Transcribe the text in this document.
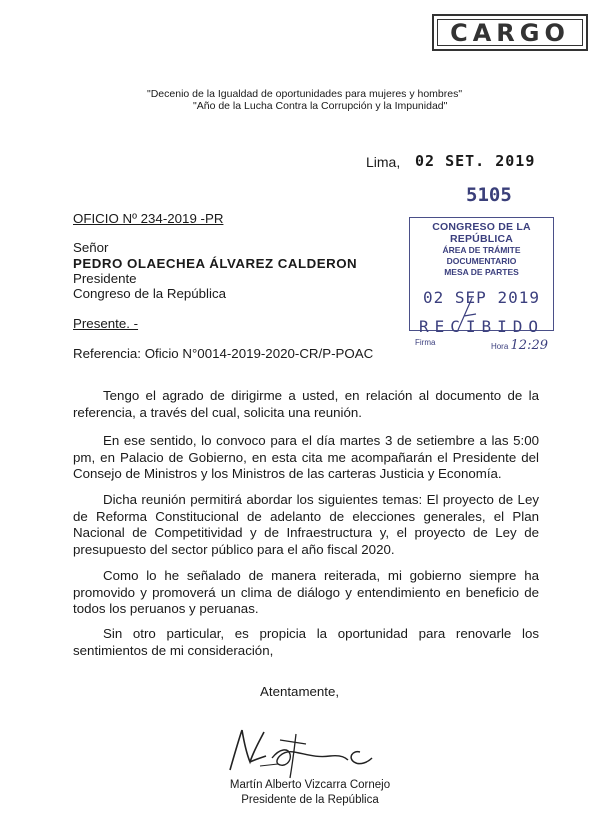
CARGO
"Decenio de la Igualdad de oportunidades para mujeres y hombres"
"Año de la Lucha Contra la Corrupción y la Impunidad"
Lima, 02 SET. 2019
5105
CONGRESO DE LA REPÚBLICA
ÁREA DE TRÁMITE DOCUMENTARIO
MESA DE PARTES
02 SEP 2019
RECIBIDO
Firma	Hora 12:29
OFICIO Nº 234-2019 -PR
Señor
PEDRO OLAECHEA ÁLVAREZ CALDERON
Presidente
Congreso de la República
Presente. -
Referencia: Oficio N°0014-2019-2020-CR/P-POAC
Tengo el agrado de dirigirme a usted, en relación al documento de la referencia, a través del cual, solicita una reunión.
En ese sentido, lo convoco para el día martes 3 de setiembre a las 5:00 pm, en Palacio de Gobierno, en esta cita me acompañarán el Presidente del Consejo de Ministros y los Ministros de las carteras Justicia y Economía.
Dicha reunión permitirá abordar los siguientes temas: El proyecto de Ley de Reforma Constitucional de adelanto de elecciones generales, el Plan Nacional de Competitividad y de Infraestructura y, el proyecto de Ley de presupuesto del sector público para el año fiscal 2020.
Como lo he señalado de manera reiterada, mi gobierno siempre ha promovido y promoverá un clima de diálogo y entendimiento en beneficio de todos los peruanos y peruanas.
Sin otro particular, es propicia la oportunidad para renovarle los sentimientos de mi consideración,
Atentamente,
Martín Alberto Vizcarra Cornejo
Presidente de la República
